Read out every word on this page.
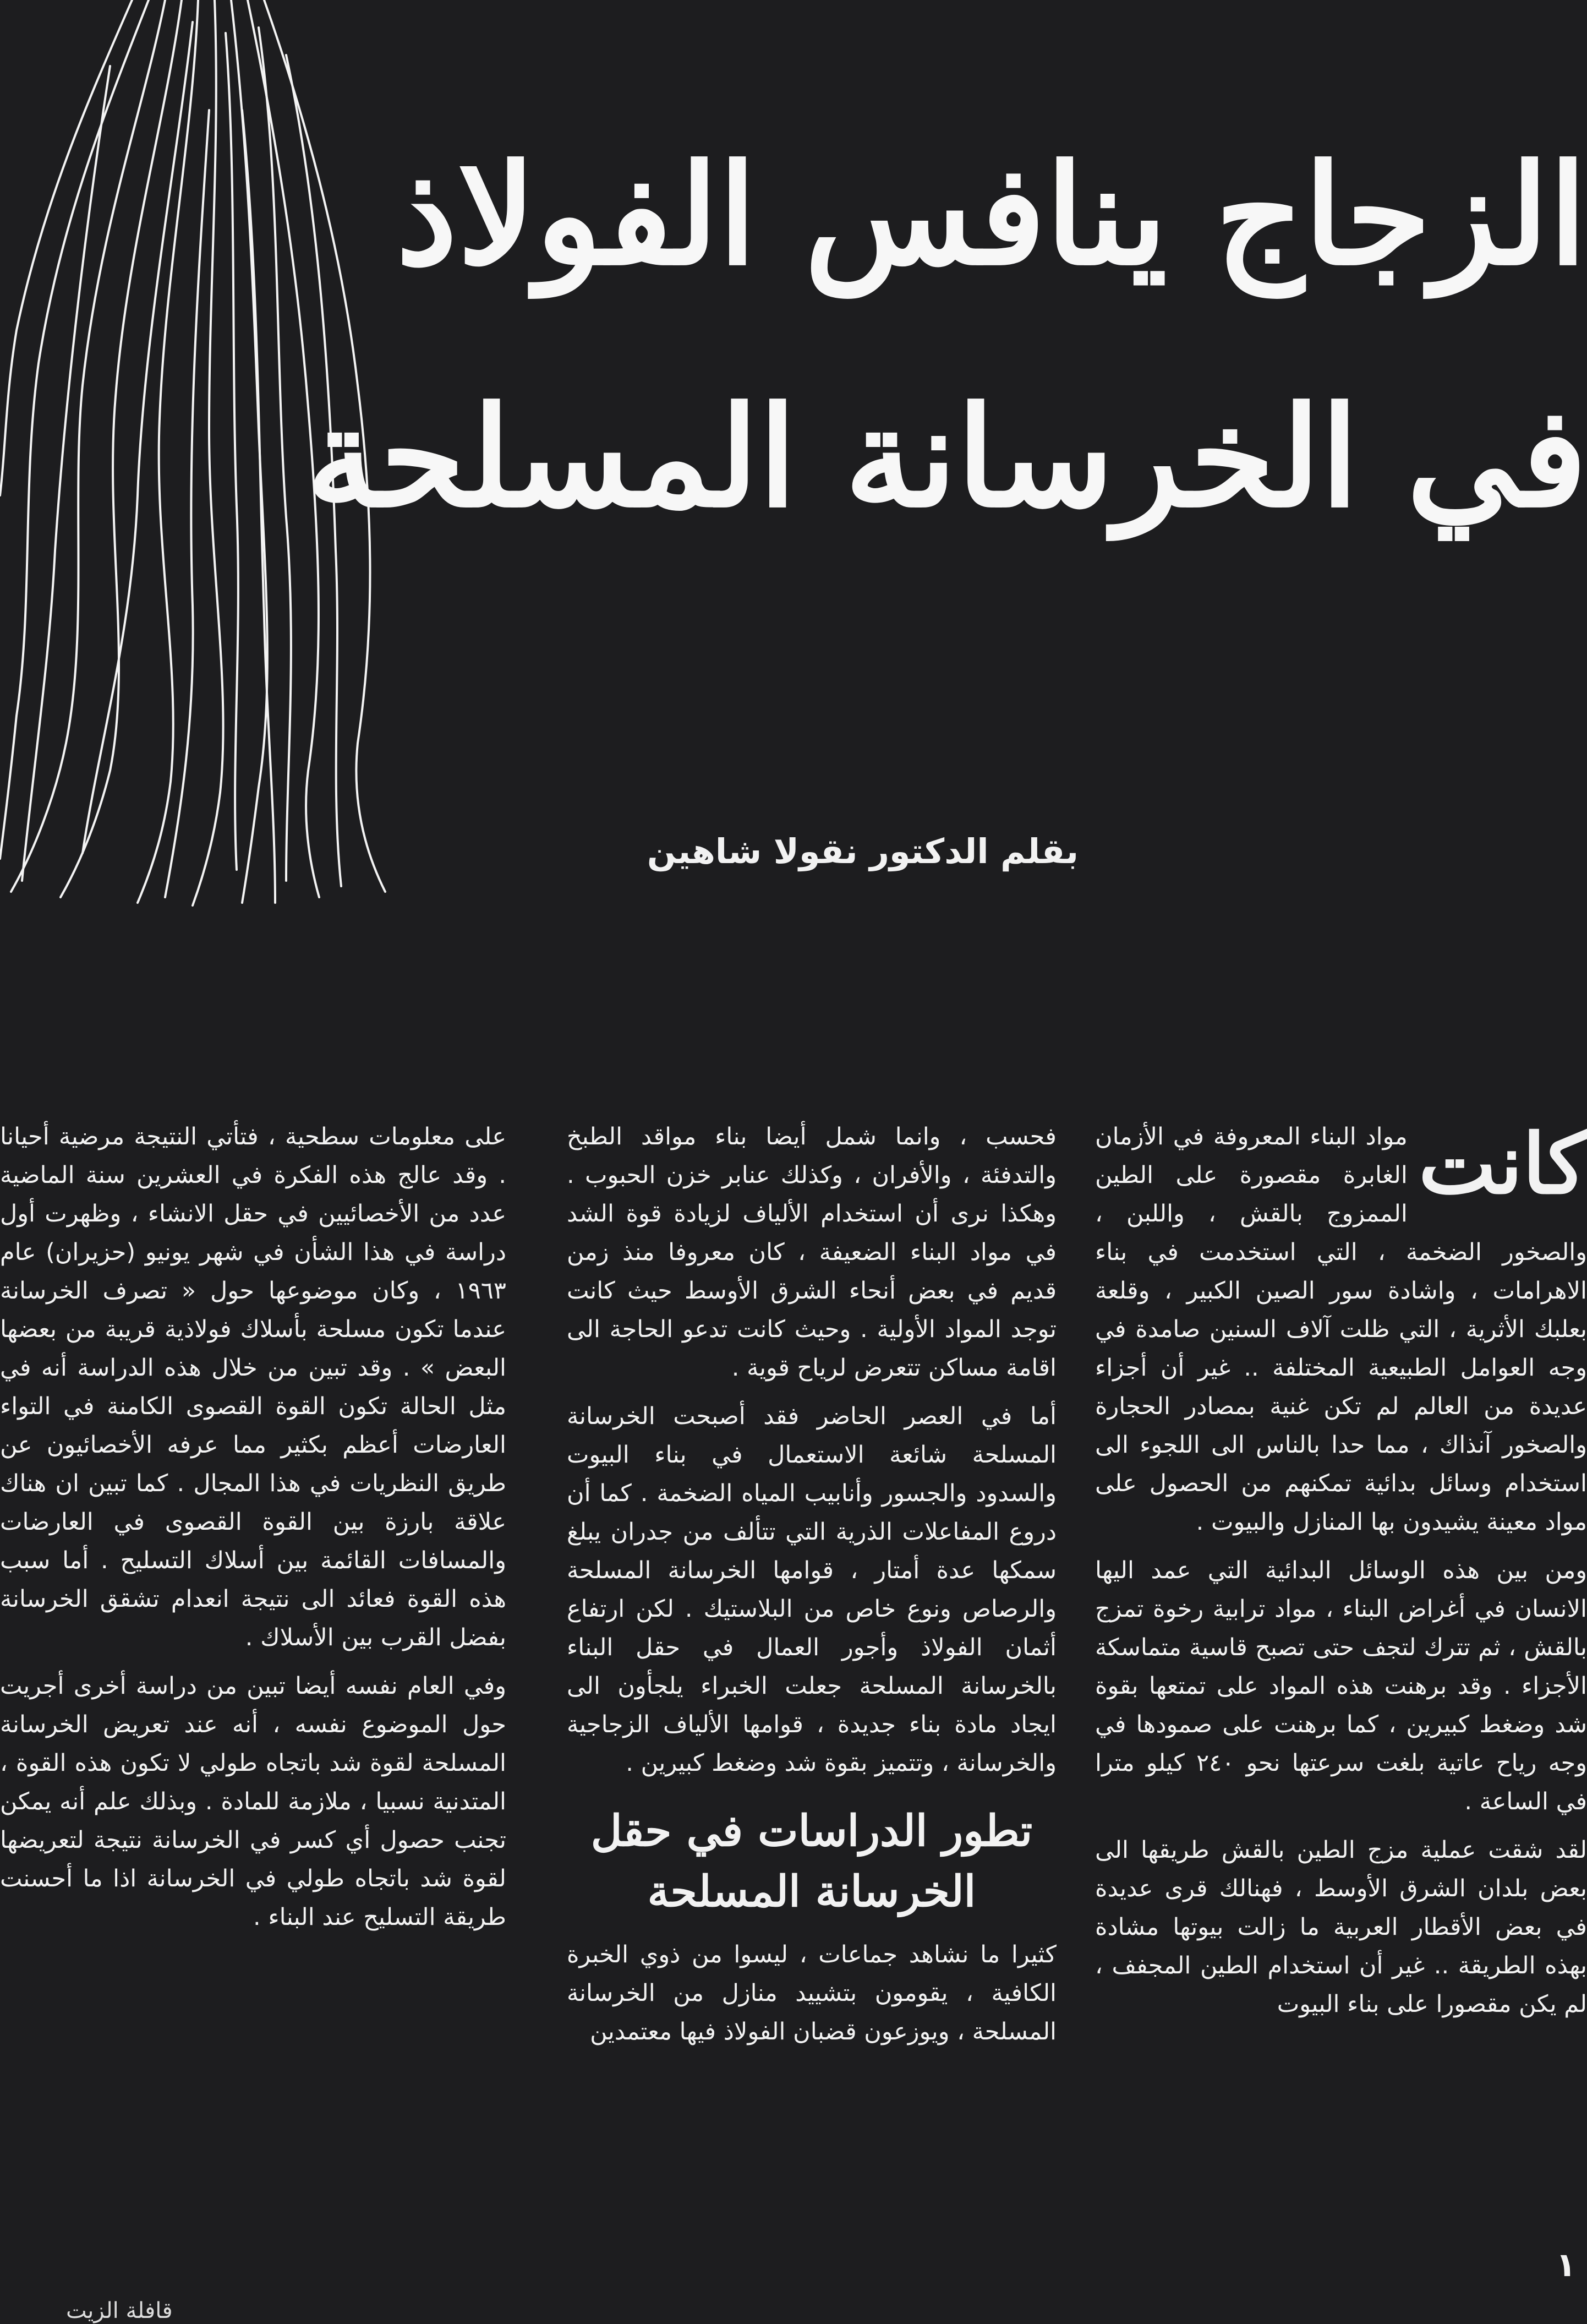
الزجاج ينافس الفولاذ
في الخرسانة المسلحة
بقلم الدكتور نقولا شاهين
كانت

مواد البناء المعروفة في الأزمان الغابرة مقصورة على الطين الممزوج بالقش ، واللبن ، والصخور الضخمة ، التي استخدمت في بناء الاهرامات ، واشادة سور الصين الكبير ، وقلعة بعلبك الأثرية ، التي ظلت آلاف السنين صامدة في وجه العوامل الطبيعية المختلفة .. غير أن أجزاء عديدة من العالم لم تكن غنية بمصادر الحجارة والصخور آنذاك ، مما حدا بالناس الى اللجوء الى استخدام وسائل بدائية تمكنهم من الحصول على مواد معينة يشيدون بها المنازل والبيوت .

ومن بين هذه الوسائل البدائية التي عمد اليها الانسان في أغراض البناء ، مواد ترابية رخوة تمزج بالقش ، ثم تترك لتجف حتى تصبح قاسية متماسكة الأجزاء . وقد برهنت هذه المواد على تمتعها بقوة شد وضغط كبيرين ، كما برهنت على صمودها في وجه رياح عاتية بلغت سرعتها نحو ٢٤٠ كيلو مترا في الساعة .

لقد شقت عملية مزج الطين بالقش طريقها الى بعض بلدان الشرق الأوسط ، فهنالك قرى عديدة في بعض الأقطار العربية ما زالت بيوتها مشادة بهذه الطريقة .. غير أن استخدام الطين المجفف ، لم يكن مقصورا على بناء البيوت

فحسب ، وانما شمل أيضا بناء مواقد الطبخ والتدفئة ، والأفران ، وكذلك عنابر خزن الحبوب . وهكذا نرى أن استخدام الألياف لزيادة قوة الشد في مواد البناء الضعيفة ، كان معروفا منذ زمن قديم في بعض أنحاء الشرق الأوسط حيث كانت توجد المواد الأولية . وحيث كانت تدعو الحاجة الى اقامة مساكن تتعرض لرياح قوية .

أما في العصر الحاضر فقد أصبحت الخرسانة المسلحة شائعة الاستعمال في بناء البيوت والسدود والجسور وأنابيب المياه الضخمة . كما أن دروع المفاعلات الذرية التي تتألف من جدران يبلغ سمكها عدة أمتار ، قوامها الخرسانة المسلحة والرصاص ونوع خاص من البلاستيك . لكن ارتفاع أثمان الفولاذ وأجور العمال في حقل البناء بالخرسانة المسلحة جعلت الخبراء يلجأون الى ايجاد مادة بناء جديدة ، قوامها الألياف الزجاجية والخرسانة ، وتتميز بقوة شد وضغط كبيرين .

تطور الدراسات في حقل الخرسانة المسلحة

كثيرا ما نشاهد جماعات ، ليسوا من ذوي الخبرة الكافية ، يقومون بتشييد منازل من الخرسانة المسلحة ، ويوزعون قضبان الفولاذ فيها معتمدين

على معلومات سطحية ، فتأتي النتيجة مرضية أحيانا . وقد عالج هذه الفكرة في العشرين سنة الماضية عدد من الأخصائيين في حقل الانشاء ، وظهرت أول دراسة في هذا الشأن في شهر يونيو (حزيران) عام ١٩٦٣ ، وكان موضوعها حول « تصرف الخرسانة عندما تكون مسلحة بأسلاك فولاذية قريبة من بعضها البعض » . وقد تبين من خلال هذه الدراسة أنه في مثل الحالة تكون القوة القصوى الكامنة في التواء العارضات أعظم بكثير مما عرفه الأخصائيون عن طريق النظريات في هذا المجال . كما تبين ان هناك علاقة بارزة بين القوة القصوى في العارضات والمسافات القائمة بين أسلاك التسليح . أما سبب هذه القوة فعائد الى نتيجة انعدام تشقق الخرسانة بفضل القرب بين الأسلاك .

وفي العام نفسه أيضا تبين من دراسة أخرى أجريت حول الموضوع نفسه ، أنه عند تعريض الخرسانة المسلحة لقوة شد باتجاه طولي لا تكون هذه القوة ، المتدنية نسبيا ، ملازمة للمادة . وبذلك علم أنه يمكن تجنب حصول أي كسر في الخرسانة نتيجة لتعريضها لقوة شد باتجاه طولي في الخرسانة اذا ما أحسنت طريقة التسليح عند البناء .

١
قافلة الزيت
